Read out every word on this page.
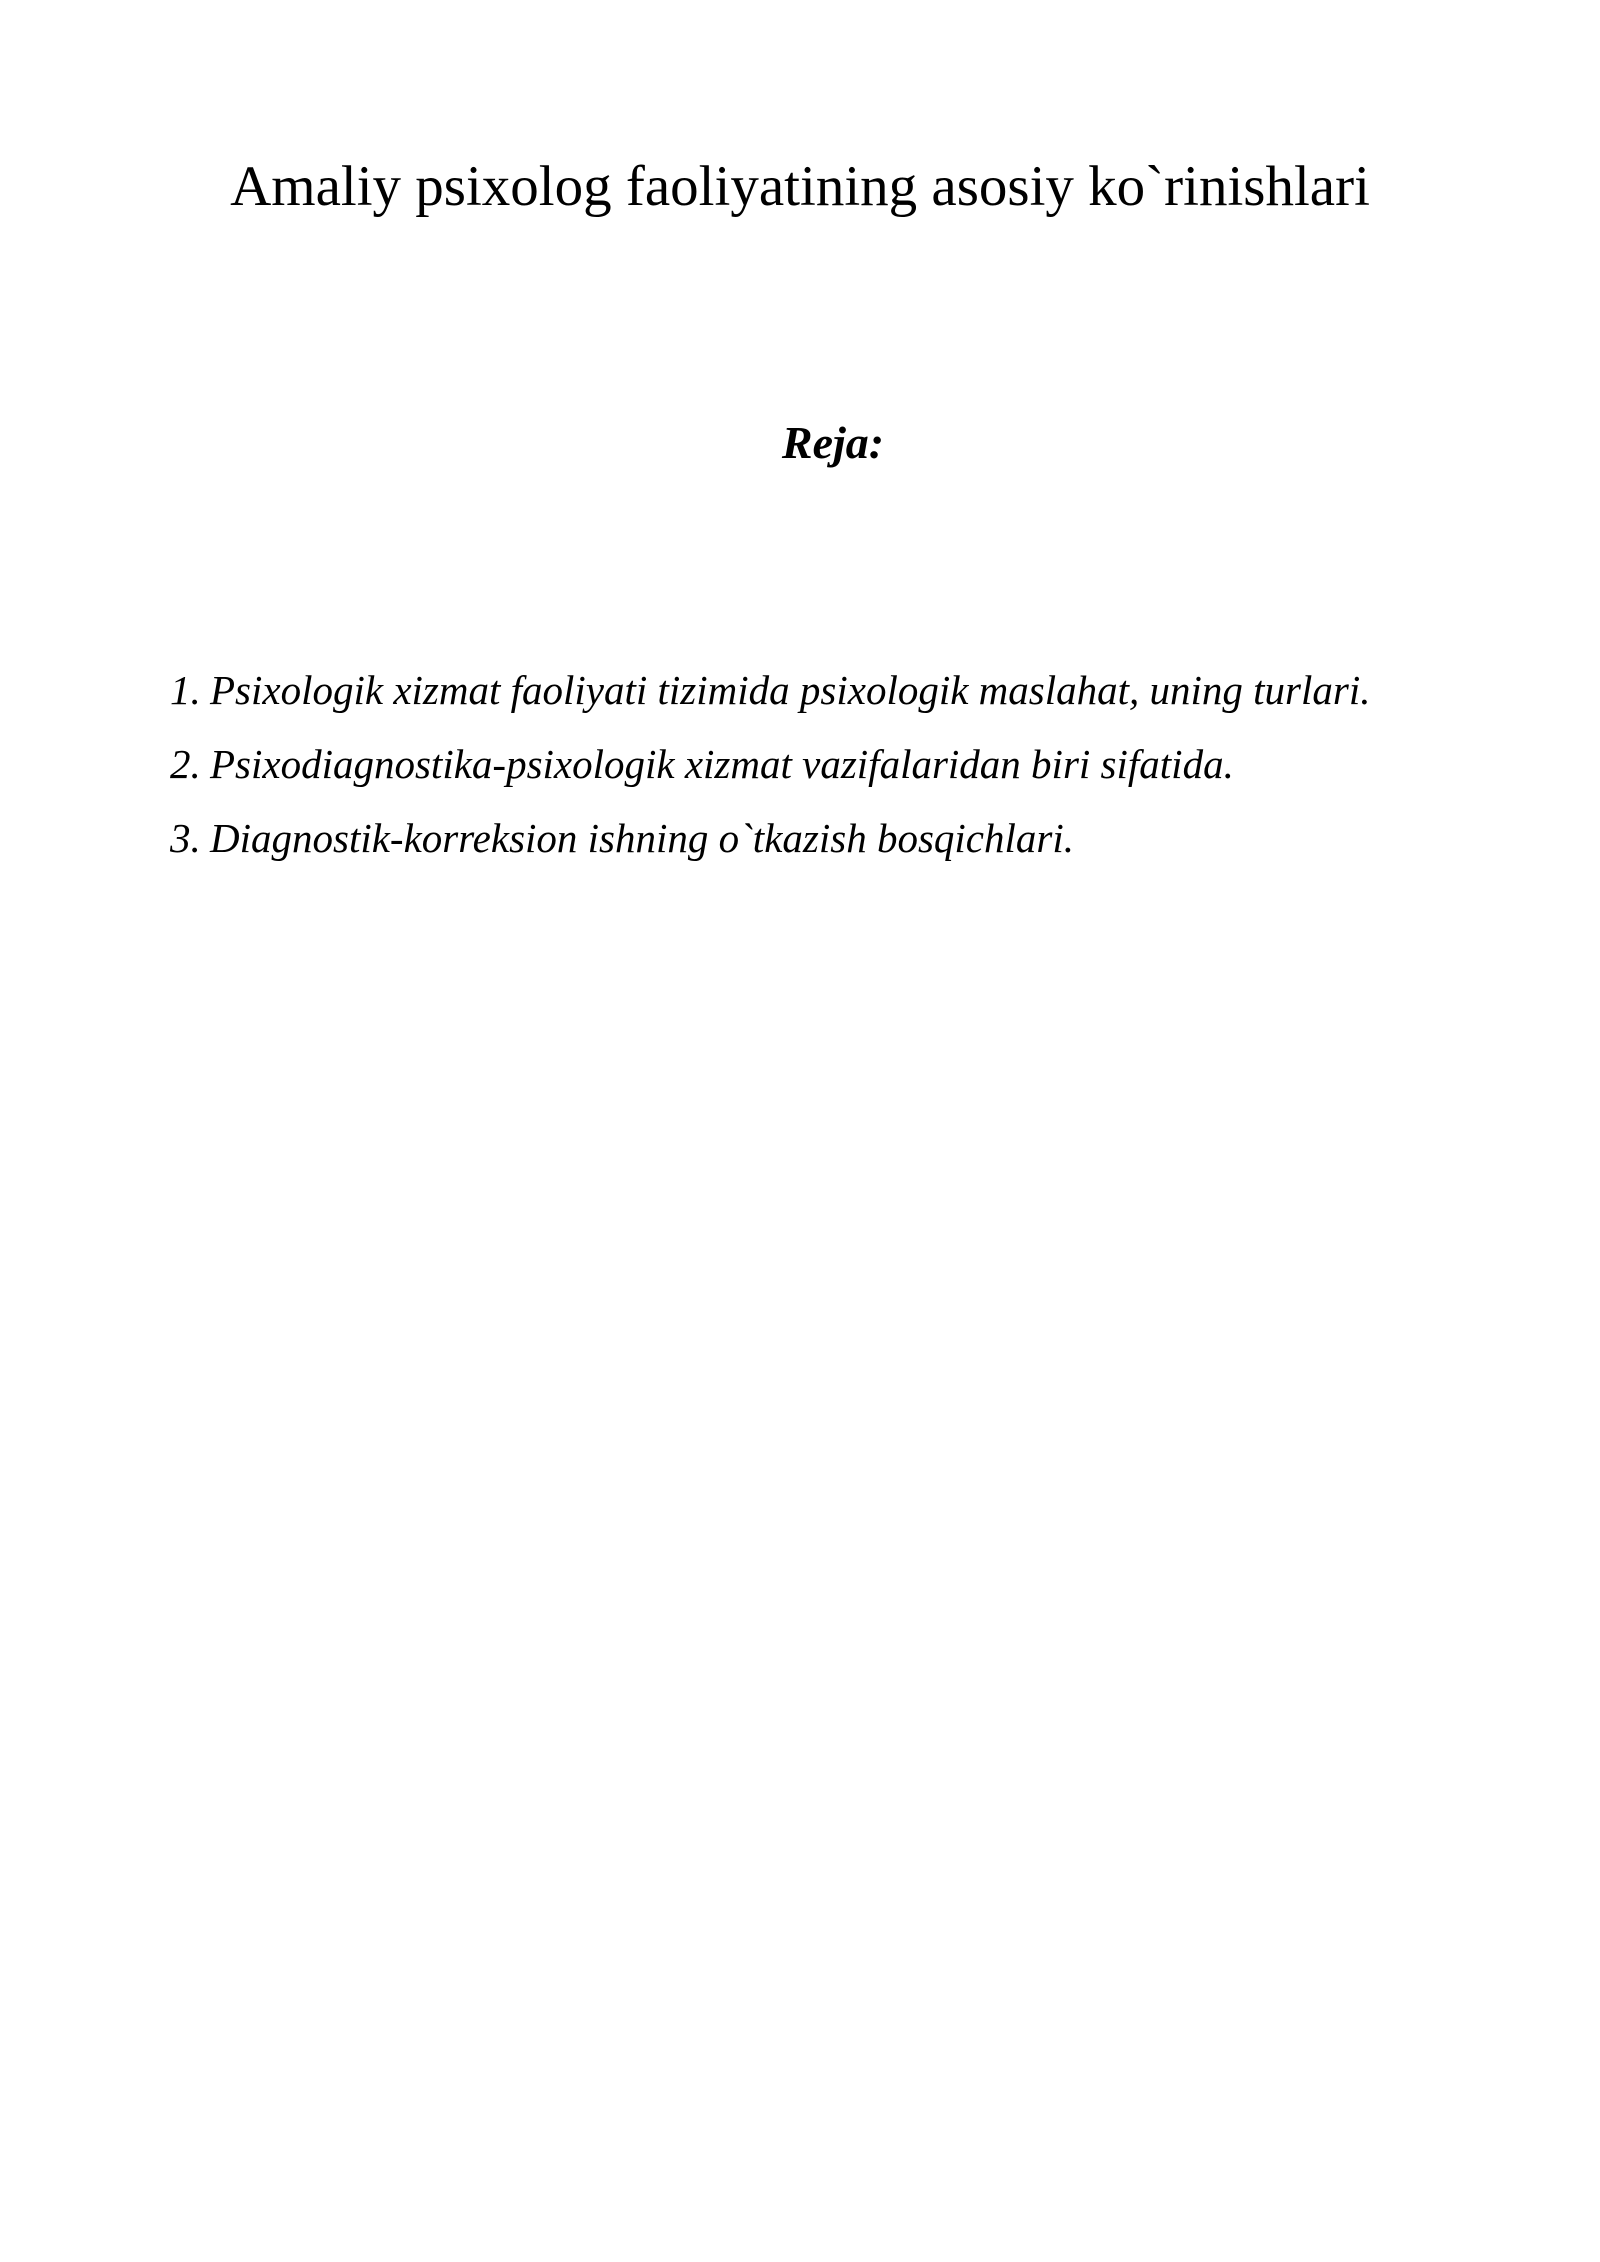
Amaliy psixolog faoliyatining asosiy ko`rinishlari
Reja:
1. Psixologik xizmat faoliyati tizimida psixologik maslahat, uning turlari.
2. Psixodiagnostika-psixologik xizmat vazifalaridan biri sifatida.
3. Diagnostik-korreksion ishning o`tkazish bosqichlari.
